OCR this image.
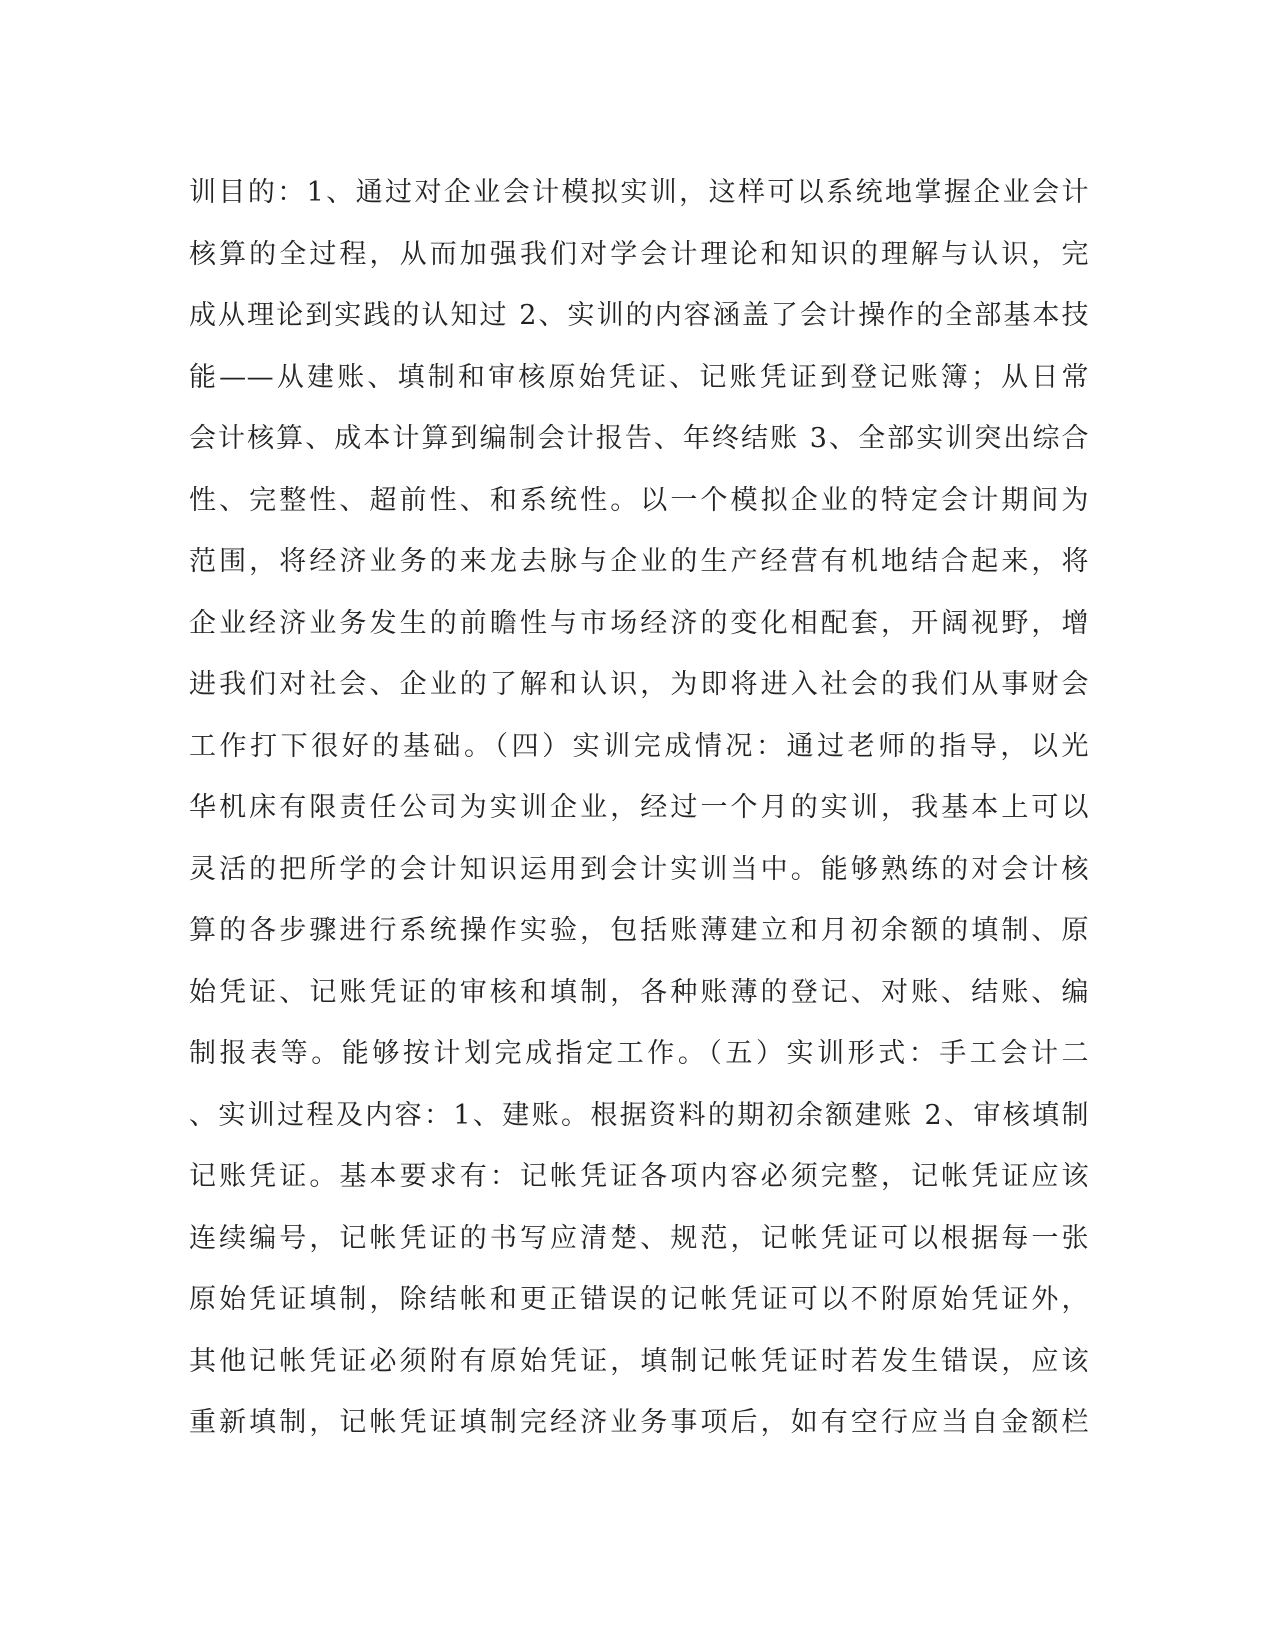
训目的：1、通过对企业会计模拟实训，这样可以系统地掌握企业会计
核算的全过程，从而加强我们对学会计理论和知识的理解与认识，完
成从理论到实践的认知过 2、实训的内容涵盖了会计操作的全部基本技
能——从建账、填制和审核原始凭证、记账凭证到登记账簿；从日常
会计核算、成本计算到编制会计报告、年终结账 3、全部实训突出综合
性、完整性、超前性、和系统性。以一个模拟企业的特定会计期间为
范围，将经济业务的来龙去脉与企业的生产经营有机地结合起来，将
企业经济业务发生的前瞻性与市场经济的变化相配套，开阔视野，增
进我们对社会、企业的了解和认识，为即将进入社会的我们从事财会
工作打下很好的基础。（四）实训完成情况：通过老师的指导，以光
华机床有限责任公司为实训企业，经过一个月的实训，我基本上可以
灵活的把所学的会计知识运用到会计实训当中。能够熟练的对会计核
算的各步骤进行系统操作实验，包括账薄建立和月初余额的填制、原
始凭证、记账凭证的审核和填制，各种账薄的登记、对账、结账、编
制报表等。能够按计划完成指定工作。（五）实训形式：手工会计二
、实训过程及内容：1、建账。根据资料的期初余额建账 2、审核填制
记账凭证。基本要求有：记帐凭证各项内容必须完整，记帐凭证应该
连续编号，记帐凭证的书写应清楚、规范，记帐凭证可以根据每一张
原始凭证填制，除结帐和更正错误的记帐凭证可以不附原始凭证外，
其他记帐凭证必须附有原始凭证，填制记帐凭证时若发生错误，应该
重新填制，记帐凭证填制完经济业务事项后，如有空行应当自金额栏
